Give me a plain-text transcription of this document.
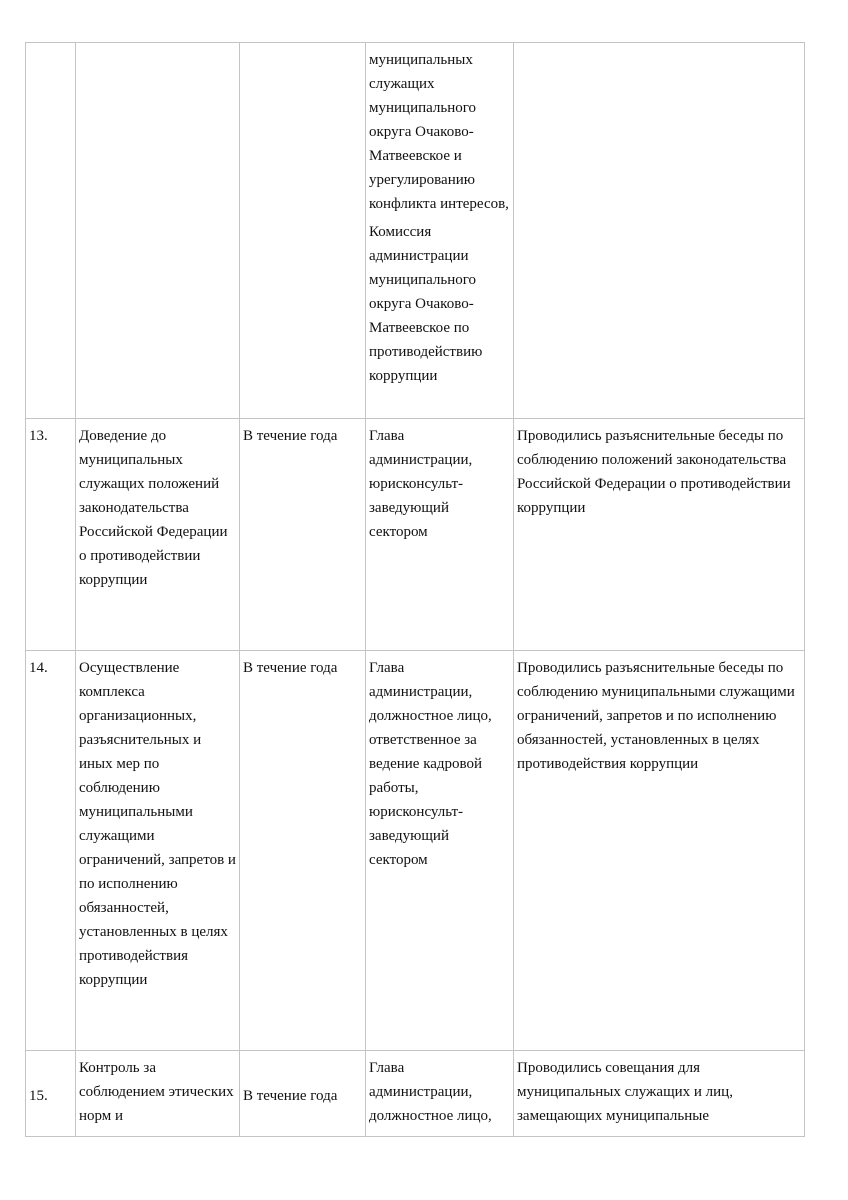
			муниципальных служащих муниципального округа Очаково-Матвеевское и урегулированию конфликта интересов,

Комиссия администрации муниципального округа Очаково-Матвеевское по противодействию коррупции	

13.	Доведение до муниципальных служащих положений законодательства Российской Федерации о противодействии коррупции	В течение года	Глава администрации, юрисконсульт-заведующий сектором	Проводились разъяснительные беседы по соблюдению положений законодательства Российской Федерации о противодействии коррупции
14.	Осуществление комплекса организационных, разъяснительных и иных мер по соблюдению муниципальными служащими ограничений, запретов и по исполнению обязанностей, установленных в целях противодействия коррупции	В течение года	Глава администрации, должностное лицо, ответственное за ведение кадровой работы, юрисконсульт-заведующий сектором	Проводились разъяснительные беседы по соблюдению муниципальными служащими ограничений, запретов и по исполнению обязанностей, установленных в целях противодействия коррупции
15.	Контроль за соблюдением этических норм и	В течение года	Глава администрации, должностное лицо,	Проводились совещания для муниципальных служащих и лиц, замещающих муниципальные
